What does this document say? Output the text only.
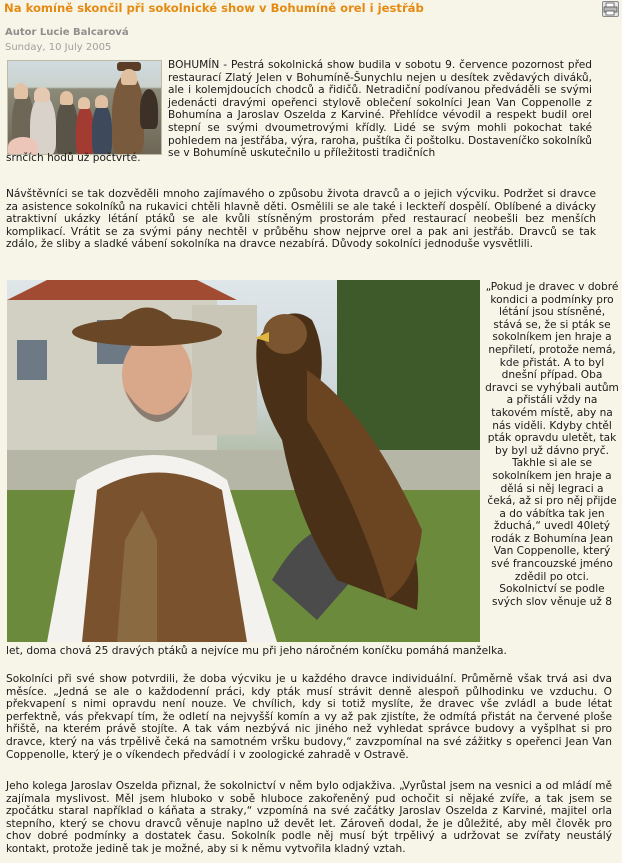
Na komíně skončil při sokolnické show v Bohumíně orel i jestřáb
Autor Lucie Balcarová
Sunday, 10 July 2005

BOHUMÍN - Pestrá sokolnická show budila v sobotu 9. července pozornost před restaurací Zlatý Jelen v Bohumíně-Šunychlu nejen u desítek zvědavých diváků, ale i kolemjdoucích chodců a řidičů. Netradiční podívanou předváděli se svými jedenácti dravými opeřenci stylově oblečení sokolníci Jean Van Coppenolle z Bohumína a Jaroslav Oszelda z Karviné. Přehlídce vévodil a respekt budil orel stepní se svými dvoumetrovými křídly. Lidé se svým mohli pokochat také pohledem na jestřába, výra, raroha, puštíka či poštolku. Dostaveníčko sokolníků se v Bohumíně uskutečnilo u příležitosti tradičních

srnčích hodů už počtvrté.

Návštěvníci se tak dozvěděli mnoho zajímavého o způsobu života dravců a o jejich výcviku. Podržet si dravce za asistence sokolníků na rukavici chtěli hlavně děti. Osmělili se ale také i leckteří dospělí. Oblíbené a divácky atraktivní ukázky létání ptáků se ale kvůli stísněným prostorám před restaurací neobešli bez menších komplikací. Vrátit se za svými pány nechtěl v průběhu show nejprve orel a pak ani jestřáb. Dravců se tak zdálo, že sliby a sladké vábení sokolníka na dravce nezabírá. Důvody sokolníci jednoduše vysvětlili.

„Pokud je dravec v dobré kondici a podmínky pro létání jsou stísněné, stává se, že si pták se sokolníkem jen hraje a nepřiletí, protože nemá, kde přistát. A to byl dnešní případ. Oba dravci se vyhýbali autům a přistáli vždy na takovém místě, aby na nás viděli. Kdyby chtěl pták opravdu uletět, tak by byl už dávno pryč. Takhle si ale se sokolníkem jen hraje a dělá si něj legraci a čeká, až si pro něj přijde a do vábítka tak jen žduchá,“ uvedl 40letý rodák z Bohumína Jean Van Coppenolle, který své francouzské jméno zdědil po otci. Sokolnictví se podle svých slov věnuje už 8

let, doma chová 25 dravých ptáků a nejvíce mu při jeho náročném koníčku pomáhá manželka.

Sokolníci při své show potvrdili, že doba výcviku je u každého dravce individuální. Průměrně však trvá asi dva měsíce. „Jedná se ale o každodenní práci, kdy pták musí strávit denně alespoň půlhodinku ve vzduchu. O překvapení s nimi opravdu není nouze. Ve chvílich, kdy si totiž myslíte, že dravec vše zvládl a bude létat perfektně, vás překvapí tím, že odletí na nejvyšší komín a vy až pak zjistíte, že odmítá přistát na červené ploše hřiště, na kterém právě stojíte. A tak vám nezbývá nic jiného než vyhledat správce budovy a vyšplhat si pro dravce, který na vás trpělivě čeká na samotném vršku budovy,“ zavzpomínal na své zážitky s opeřenci Jean Van Coppenolle, který je o víkendech předvádí i v zoologické zahradě v Ostravě.

Jeho kolega Jaroslav Oszelda přiznal, že sokolnictví v něm bylo odjakživa. „Vyrůstal jsem na vesnici a od mládí mě zajímala myslivost. Měl jsem hluboko v sobě hluboce zakořeněný pud ochočit si nějaké zvíře, a tak jsem se zpočátku staral například o káňata a straky,“ vzpomíná na své začátky Jaroslav Oszelda z Karviné, majitel orla stepního, který se chovu dravců věnuje naplno už devět let. Zároveň dodal, že je důležité, aby měl člověk pro chov dobré podmínky a dostatek času. Sokolník podle něj musí být trpělivý a udržovat se zvířaty neustálý kontakt, protože jedině tak je možné, aby si k němu vytvořila kladný vztah.
